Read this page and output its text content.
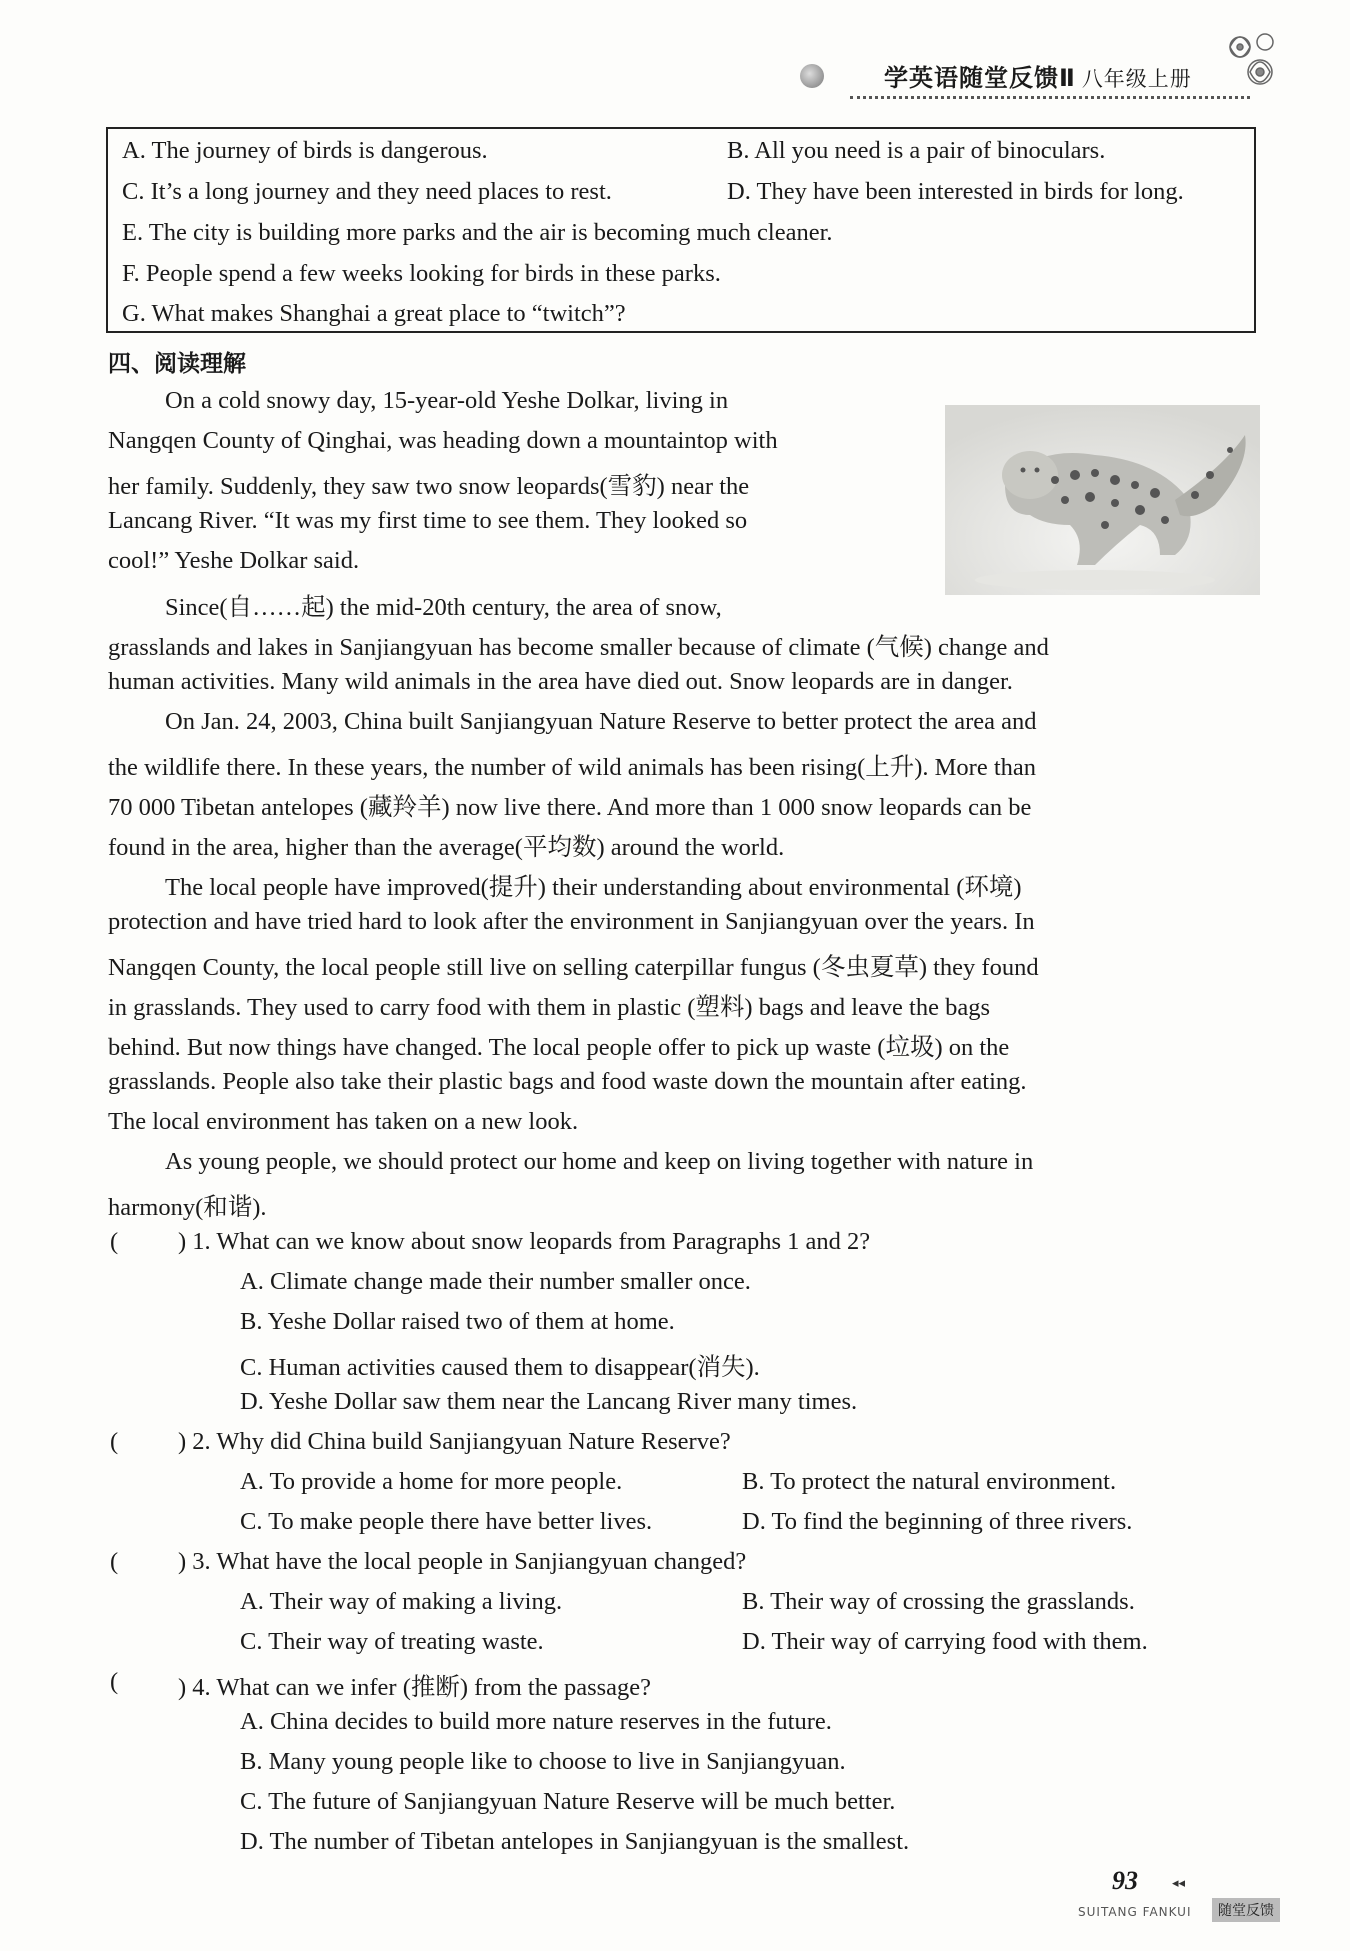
学英语随堂反馈Ⅱ 八年级上册
A. The journey of birds is dangerous.	B. All you need is a pair of binoculars.
C. It’s a long journey and they need places to rest.	D. They have been interested in birds for long.
E. The city is building more parks and the air is becoming much cleaner.
F. People spend a few weeks looking for birds in these parks.
G. What makes Shanghai a great place to “twitch”?
四、阅读理解
On a cold snowy day, 15-year-old Yeshe Dolkar, living in
Nangqen County of Qinghai, was heading down a mountaintop with
her family. Suddenly, they saw two snow leopards(雪豹) near the
Lancang River. “It was my first time to see them. They looked so
cool!” Yeshe Dolkar said.
Since(自……起) the mid-20th century, the area of snow,
grasslands and lakes in Sanjiangyuan has become smaller because of climate (气候) change and
human activities. Many wild animals in the area have died out. Snow leopards are in danger.
On Jan. 24, 2003, China built Sanjiangyuan Nature Reserve to better protect the area and
the wildlife there. In these years, the number of wild animals has been rising(上升). More than
70 000 Tibetan antelopes (藏羚羊) now live there. And more than 1 000 snow leopards can be
found in the area, higher than the average(平均数) around the world.
The local people have improved(提升) their understanding about environmental (环境)
protection and have tried hard to look after the environment in Sanjiangyuan over the years. In
Nangqen County, the local people still live on selling caterpillar fungus (冬虫夏草) they found
in grasslands. They used to carry food with them in plastic (塑料) bags and leave the bags
behind. But now things have changed. The local people offer to pick up waste (垃圾) on the
grasslands. People also take their plastic bags and food waste down the mountain after eating.
The local environment has taken on a new look.
As young people, we should protect our home and keep on living together with nature in
harmony(和谐).
( ) 1. What can we know about snow leopards from Paragraphs 1 and 2?
A. Climate change made their number smaller once.
B. Yeshe Dollar raised two of them at home.
C. Human activities caused them to disappear(消失).
D. Yeshe Dollar saw them near the Lancang River many times.
( ) 2. Why did China build Sanjiangyuan Nature Reserve?
A. To provide a home for more people.	B. To protect the natural environment.
C. To make people there have better lives.	D. To find the beginning of three rivers.
( ) 3. What have the local people in Sanjiangyuan changed?
A. Their way of making a living.	B. Their way of crossing the grasslands.
C. Their way of treating waste.	D. Their way of carrying food with them.
( ) 4. What can we infer (推断) from the passage?
A. China decides to build more nature reserves in the future.
B. Many young people like to choose to live in Sanjiangyuan.
C. The future of Sanjiangyuan Nature Reserve will be much better.
D. The number of Tibetan antelopes in Sanjiangyuan is the smallest.
93	◂◂
SUITANG FANKUI	随堂反馈
